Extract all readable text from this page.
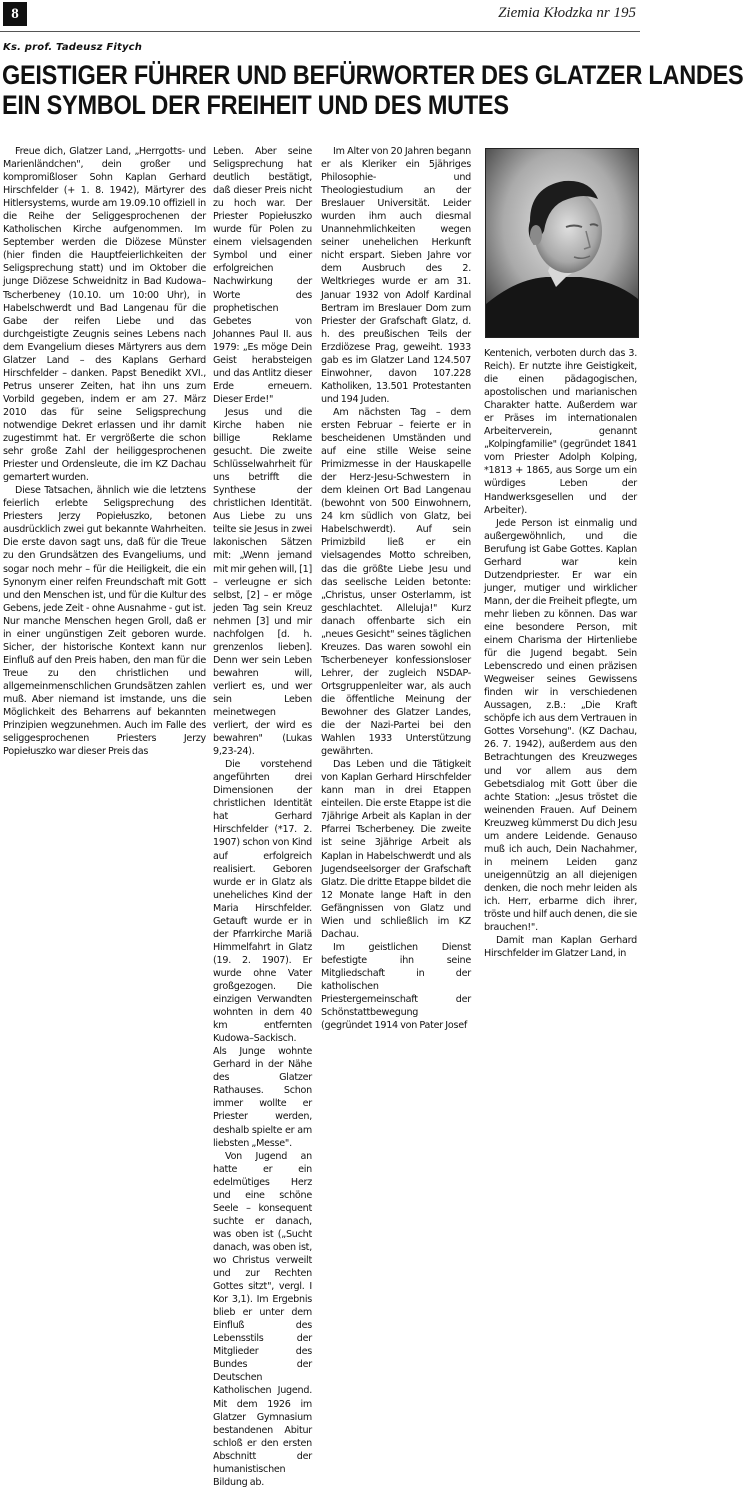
8	Ziemia Kłodzka nr 195
Ks. prof. Tadeusz Fitych
GEISTIGER FÜHRER UND BEFÜRWORTER DES GLATZER LANDES
EIN SYMBOL DER FREIHEIT UND DES MUTES

Freue dich, Glatzer Land, „Herrgotts- und Marienländchen", dein großer und kompromißloser Sohn Kaplan Gerhard Hirschfelder (+ 1. 8. 1942), Märtyrer des Hitlersystems, wurde am 19.09.10 offiziell in die Reihe der Seliggesprochenen der Katholischen Kirche aufgenommen. Im September werden die Diözese Münster (hier finden die Hauptfeierlichkeiten der Seligsprechung statt) und im Oktober die junge Diözese Schweidnitz in Bad Kudowa–Tscherbeney (10.10. um 10:00 Uhr), in Habelschwerdt und Bad Langenau für die Gabe der reifen Liebe und das durchgeistigte Zeugnis seines Lebens nach dem Evangelium dieses Märtyrers aus dem Glatzer Land – des Kaplans Gerhard Hirschfelder – danken. Papst Benedikt XVI., Petrus unserer Zeiten, hat ihn uns zum Vorbild gegeben, indem er am 27. März 2010 das für seine Seligsprechung notwendige Dekret erlassen und ihr damit zugestimmt hat. Er vergrößerte die schon sehr große Zahl der heiliggesprochenen Priester und Ordensleute, die im KZ Dachau gemartert wurden.

Diese Tatsachen, ähnlich wie die letztens feierlich erlebte Seligsprechung des Priesters Jerzy Popiełuszko, betonen ausdrücklich zwei gut bekannte Wahrheiten. Die erste davon sagt uns, daß für die Treue zu den Grundsätzen des Evangeliums, und sogar noch mehr – für die Heiligkeit, die ein Synonym einer reifen Freundschaft mit Gott und den Menschen ist, und für die Kultur des Gebens, jede Zeit - ohne Ausnahme - gut ist. Nur manche Menschen hegen Groll, daß er in einer ungünstigen Zeit geboren wurde. Sicher, der historische Kontext kann nur Einfluß auf den Preis haben, den man für die Treue zu den christlichen und allgemeinmenschlichen Grundsätzen zahlen muß. Aber niemand ist imstande, uns die Möglichkeit des Beharrens auf bekannten Prinzipien wegzunehmen. Auch im Falle des seliggesprochenen Priesters Jerzy Popiełuszko war dieser Preis das

Leben. Aber seine Seligsprechung hat deutlich bestätigt, daß dieser Preis nicht zu hoch war. Der Priester Popiełuszko wurde für Polen zu einem vielsagenden Symbol und einer erfolgreichen Nachwirkung der Worte des prophetischen Gebetes von Johannes Paul II. aus 1979: „Es möge Dein Geist herabsteigen und das Antlitz dieser Erde erneuern. Dieser Erde!"

Jesus und die Kirche haben nie billige Reklame gesucht. Die zweite Schlüsselwahrheit für uns betrifft die Synthese der christlichen Identität. Aus Liebe zu uns teilte sie Jesus in zwei lakonischen Sätzen mit: „Wenn jemand mit mir gehen will, [1] – verleugne er sich selbst, [2] – er möge jeden Tag sein Kreuz nehmen [3] und mir nachfolgen [d. h. grenzenlos lieben]. Denn wer sein Leben bewahren will, verliert es, und wer sein Leben meinetwegen verliert, der wird es bewahren" (Lukas 9,23-24).

Die vorstehend angeführten drei Dimensionen der christlichen Identität hat Gerhard Hirschfelder (*17. 2. 1907) schon von Kind auf erfolgreich realisiert. Geboren wurde er in Glatz als uneheliches Kind der Maria Hirschfelder. Getauft wurde er in der Pfarrkirche Mariä Himmelfahrt in Glatz (19. 2. 1907). Er wurde ohne Vater großgezogen. Die einzigen Verwandten wohnten in dem 40 km entfernten Kudowa–Sackisch. Als Junge wohnte Gerhard in der Nähe des Glatzer Rathauses. Schon immer wollte er Priester werden, deshalb spielte er am liebsten „Messe".

Von Jugend an hatte er ein edelmütiges Herz und eine schöne Seele – konsequent suchte er danach, was oben ist („Sucht danach, was oben ist, wo Christus verweilt und zur Rechten Gottes sitzt", vergl. I Kor 3,1). Im Ergebnis blieb er unter dem Einfluß des Lebensstils der Mitglieder des Bundes der Deutschen Katholischen Jugend. Mit dem 1926 im Glatzer Gymnasium bestandenen Abitur schloß er den ersten Abschnitt der humanistischen Bildung ab.

Im Alter von 20 Jahren begann er als Kleriker ein 5jähriges Philosophie- und Theologiestudium an der Breslauer Universität. Leider wurden ihm auch diesmal Unannehmlichkeiten wegen seiner unehelichen Herkunft nicht erspart. Sieben Jahre vor dem Ausbruch des 2. Weltkrieges wurde er am 31. Januar 1932 von Adolf Kardinal Bertram im Breslauer Dom zum Priester der Grafschaft Glatz, d. h. des preußischen Teils der Erzdiözese Prag, geweiht. 1933 gab es im Glatzer Land 124.507 Einwohner, davon 107.228 Katholiken, 13.501 Protestanten und 194 Juden.

Am nächsten Tag – dem ersten Februar – feierte er in bescheidenen Umständen und auf eine stille Weise seine Primizmesse in der Hauskapelle der Herz-Jesu-Schwestern in dem kleinen Ort Bad Langenau (bewohnt von 500 Einwohnern, 24 km südlich von Glatz, bei Habelschwerdt). Auf sein Primizbild ließ er ein vielsagendes Motto schreiben, das die größte Liebe Jesu und das seelische Leiden betonte: „Christus, unser Osterlamm, ist geschlachtet. Alleluja!" Kurz danach offenbarte sich ein „neues Gesicht" seines täglichen Kreuzes. Das waren sowohl ein Tscherbeneyer konfessionsloser Lehrer, der zugleich NSDAP-Ortsgruppenleiter war, als auch die öffentliche Meinung der Bewohner des Glatzer Landes, die der Nazi-Partei bei den Wahlen 1933 Unterstützung gewährten.

Das Leben und die Tätigkeit von Kaplan Gerhard Hirschfelder kann man in drei Etappen einteilen. Die erste Etappe ist die 7jährige Arbeit als Kaplan in der Pfarrei Tscherbeney. Die zweite ist seine 3jährige Arbeit als Kaplan in Habelschwerdt und als Jugendseelsorger der Grafschaft Glatz. Die dritte Etappe bildet die 12 Monate lange Haft in den Gefängnissen von Glatz und Wien und schließlich im KZ Dachau.

Im geistlichen Dienst befestigte ihn seine Mitgliedschaft in der katholischen Priestergemeinschaft der Schönstattbewegung (gegründet 1914 von Pater Josef

Kentenich, verboten durch das 3. Reich). Er nutzte ihre Geistigkeit, die einen pädagogischen, apostolischen und marianischen Charakter hatte. Außerdem war er Präses im internationalen Arbeiterverein, genannt „Kolpingfamilie" (gegründet 1841 vom Priester Adolph Kolping, *1813 + 1865, aus Sorge um ein würdiges Leben der Handwerksgesellen und der Arbeiter).

Jede Person ist einmalig und außergewöhnlich, und die Berufung ist Gabe Gottes. Kaplan Gerhard war kein Dutzendpriester. Er war ein junger, mutiger und wirklicher Mann, der die Freiheit pflegte, um mehr lieben zu können. Das war eine besondere Person, mit einem Charisma der Hirtenliebe für die Jugend begabt. Sein Lebenscredo und einen präzisen Wegweiser seines Gewissens finden wir in verschiedenen Aussagen, z.B.: „Die Kraft schöpfe ich aus dem Vertrauen in Gottes Vorsehung". (KZ Dachau, 26. 7. 1942), außerdem aus den Betrachtungen des Kreuzweges und vor allem aus dem Gebetsdialog mit Gott über die achte Station: „Jesus tröstet die weinenden Frauen. Auf Deinem Kreuzweg kümmerst Du dich Jesu um andere Leidende. Genauso muß ich auch, Dein Nachahmer, in meinem Leiden ganz uneigennützig an all diejenigen denken, die noch mehr leiden als ich. Herr, erbarme dich ihrer, tröste und hilf auch denen, die sie brauchen!".

Damit man Kaplan Gerhard Hirschfelder im Glatzer Land, in
